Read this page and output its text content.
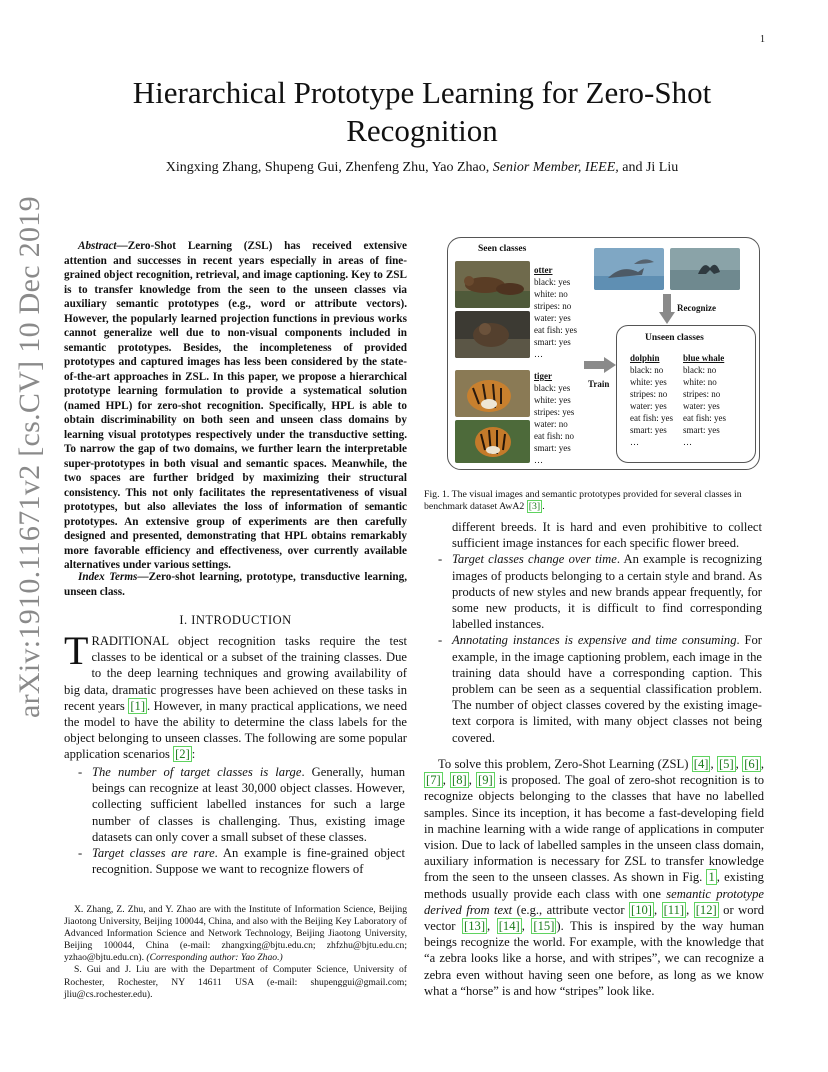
1
arXiv:1910.11671v2 [cs.CV] 10 Dec 2019
Hierarchical Prototype Learning for Zero-Shot Recognition
Xingxing Zhang, Shupeng Gui, Zhenfeng Zhu, Yao Zhao, Senior Member, IEEE, and Ji Liu
Abstract—Zero-Shot Learning (ZSL) has received extensive attention and successes in recent years especially in areas of fine-grained object recognition, retrieval, and image captioning. Key to ZSL is to transfer knowledge from the seen to the unseen classes via auxiliary semantic prototypes (e.g., word or attribute vectors). However, the popularly learned projection functions in previous works cannot generalize well due to non-visual components included in semantic prototypes. Besides, the incompleteness of provided prototypes and captured images has less been considered by the state-of-the-art approaches in ZSL. In this paper, we propose a hierarchical prototype learning formulation to provide a systematical solution (named HPL) for zero-shot recognition. Specifically, HPL is able to obtain discriminability on both seen and unseen class domains by learning visual prototypes respectively under the transductive setting. To narrow the gap of two domains, we further learn the interpretable super-prototypes in both visual and semantic spaces. Meanwhile, the two spaces are further bridged by maximizing their structural consistency. This not only facilitates the representativeness of visual prototypes, but also alleviates the loss of information of semantic prototypes. An extensive group of experiments are then carefully designed and presented, demonstrating that HPL obtains remarkably more favorable efficiency and effectiveness, over currently available alternatives under various settings.
Index Terms—Zero-shot learning, prototype, transductive learning, unseen class.
I. INTRODUCTION
TRADITIONAL object recognition tasks require the test classes to be identical or a subset of the training classes. Due to the deep learning techniques and growing availability of big data, dramatic progresses have been achieved on these tasks in recent years [1] . However, in many practical applications, we need the model to have the ability to determine the class labels for the object belonging to unseen classes. The following are some popular application scenarios [2] :
- The number of target classes is large. Generally, human beings can recognize at least 30,000 object classes. However, collecting sufficient labelled instances for such a large number of classes is challenging. Thus, existing image datasets can only cover a small subset of these classes.
- Target classes are rare. An example is fine-grained object recognition. Suppose we want to recognize flowers of

X. Zhang, Z. Zhu, and Y. Zhao are with the Institute of Information Science, Beijing Jiaotong University, Beijing 100044, China, and also with the Beijing Key Laboratory of Advanced Information Science and Network Technology, Beijing Jiaotong University, Beijing 100044, China (e-mail: zhangxing@bjtu.edu.cn; zhfzhu@bjtu.edu.cn; yzhao@bjtu.edu.cn). (Corresponding author: Yao Zhao.)

S. Gui and J. Liu are with the Department of Computer Science, University of Rochester, Rochester, NY 14611 USA (e-mail: shupenggui@gmail.com; jliu@cs.rochester.edu).

Seen classes
otter
black: yes
white: no
stripes: no
water: yes
eat fish: yes
smart: yes
…
tiger
black: yes
white: yes
stripes: yes
water: no
eat fish: no
smart: yes
…
Train
Recognize
Unseen classes
dolphin
black: no
white: yes
stripes: no
water: yes
eat fish: yes
smart: yes
…
blue whale
black: no
white: no
stripes: no
water: yes
eat fish: yes
smart: yes
…
Fig. 1. The visual images and semantic prototypes provided for several classes in benchmark dataset AwA2 [3] .
different breeds. It is hard and even prohibitive to collect sufficient image instances for each specific flower breed.
- Target classes change over time. An example is recognizing images of products belonging to a certain style and brand. As products of new styles and new brands appear frequently, for some new products, it is difficult to find corresponding labelled instances.
- Annotating instances is expensive and time consuming. For example, in the image captioning problem, each image in the training data should have a corresponding caption. This problem can be seen as a sequential classification problem. The number of object classes covered by the existing image-text corpora is limited, with many object classes not being covered.
To solve this problem, Zero-Shot Learning (ZSL) [4] , [5] , [6] , [7] , [8] , [9] is proposed. The goal of zero-shot recognition is to recognize objects belonging to the classes that have no labelled samples. Since its inception, it has become a fast-developing field in machine learning with a wide range of applications in computer vision. Due to lack of labelled samples in the unseen class domain, auxiliary information is necessary for ZSL to transfer knowledge from the seen to the unseen classes. As shown in Fig. 1 , existing methods usually provide each class with one semantic prototype derived from text (e.g., attribute vector [10] , [11] , [12] or word vector [13] , [14] , [15] ). This is inspired by the way human beings recognize the world. For example, with the knowledge that “a zebra looks like a horse, and with stripes”, we can recognize a zebra even without having seen one before, as long as we know what a “horse” is and how “stripes” look like.
